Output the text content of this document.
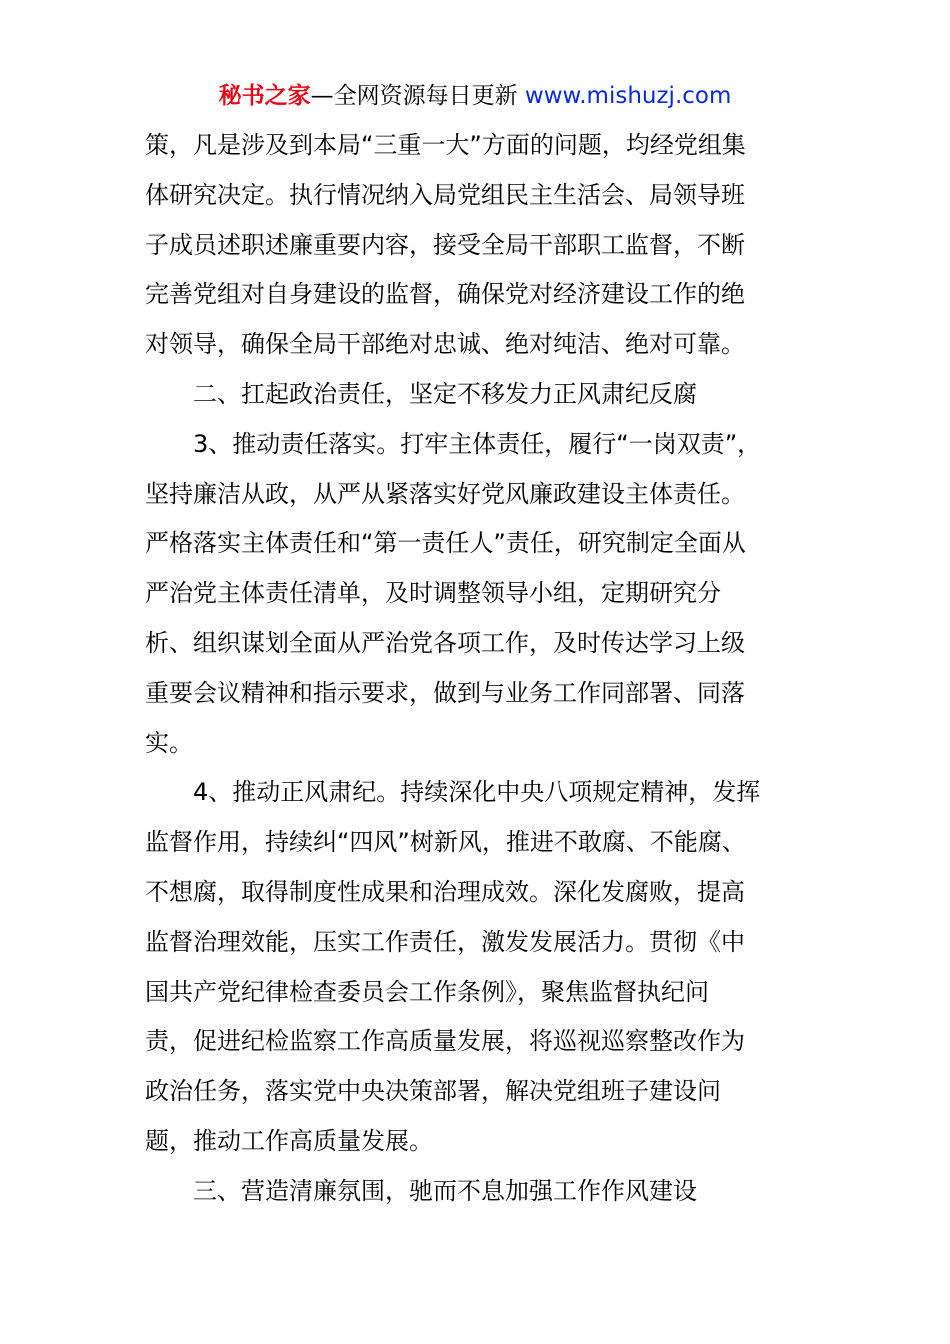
秘书之家—全网资源每日更新 www.mishuzj.com
策，凡是涉及到本局“三重一大”方面的问题，均经党组集
体研究决定。执行情况纳入局党组民主生活会、局领导班
子成员述职述廉重要内容，接受全局干部职工监督，不断
完善党组对自身建设的监督，确保党对经济建设工作的绝
对领导，确保全局干部绝对忠诚、绝对纯洁、绝对可靠。
二、扛起政治责任，坚定不移发力正风肃纪反腐
3、推动责任落实。打牢主体责任，履行“一岗双责”，
坚持廉洁从政，从严从紧落实好党风廉政建设主体责任。
严格落实主体责任和“第一责任人”责任，研究制定全面从
严治党主体责任清单，及时调整领导小组，定期研究分
析、组织谋划全面从严治党各项工作，及时传达学习上级
重要会议精神和指示要求，做到与业务工作同部署、同落
实。
4、推动正风肃纪。持续深化中央八项规定精神，发挥
监督作用，持续纠“四风”树新风，推进不敢腐、不能腐、
不想腐，取得制度性成果和治理成效。深化发腐败，提高
监督治理效能，压实工作责任，激发发展活力。贯彻《中
国共产党纪律检查委员会工作条例》，聚焦监督执纪问
责，促进纪检监察工作高质量发展，将巡视巡察整改作为
政治任务，落实党中央决策部署，解决党组班子建设问
题，推动工作高质量发展。
三、营造清廉氛围，驰而不息加强工作作风建设
